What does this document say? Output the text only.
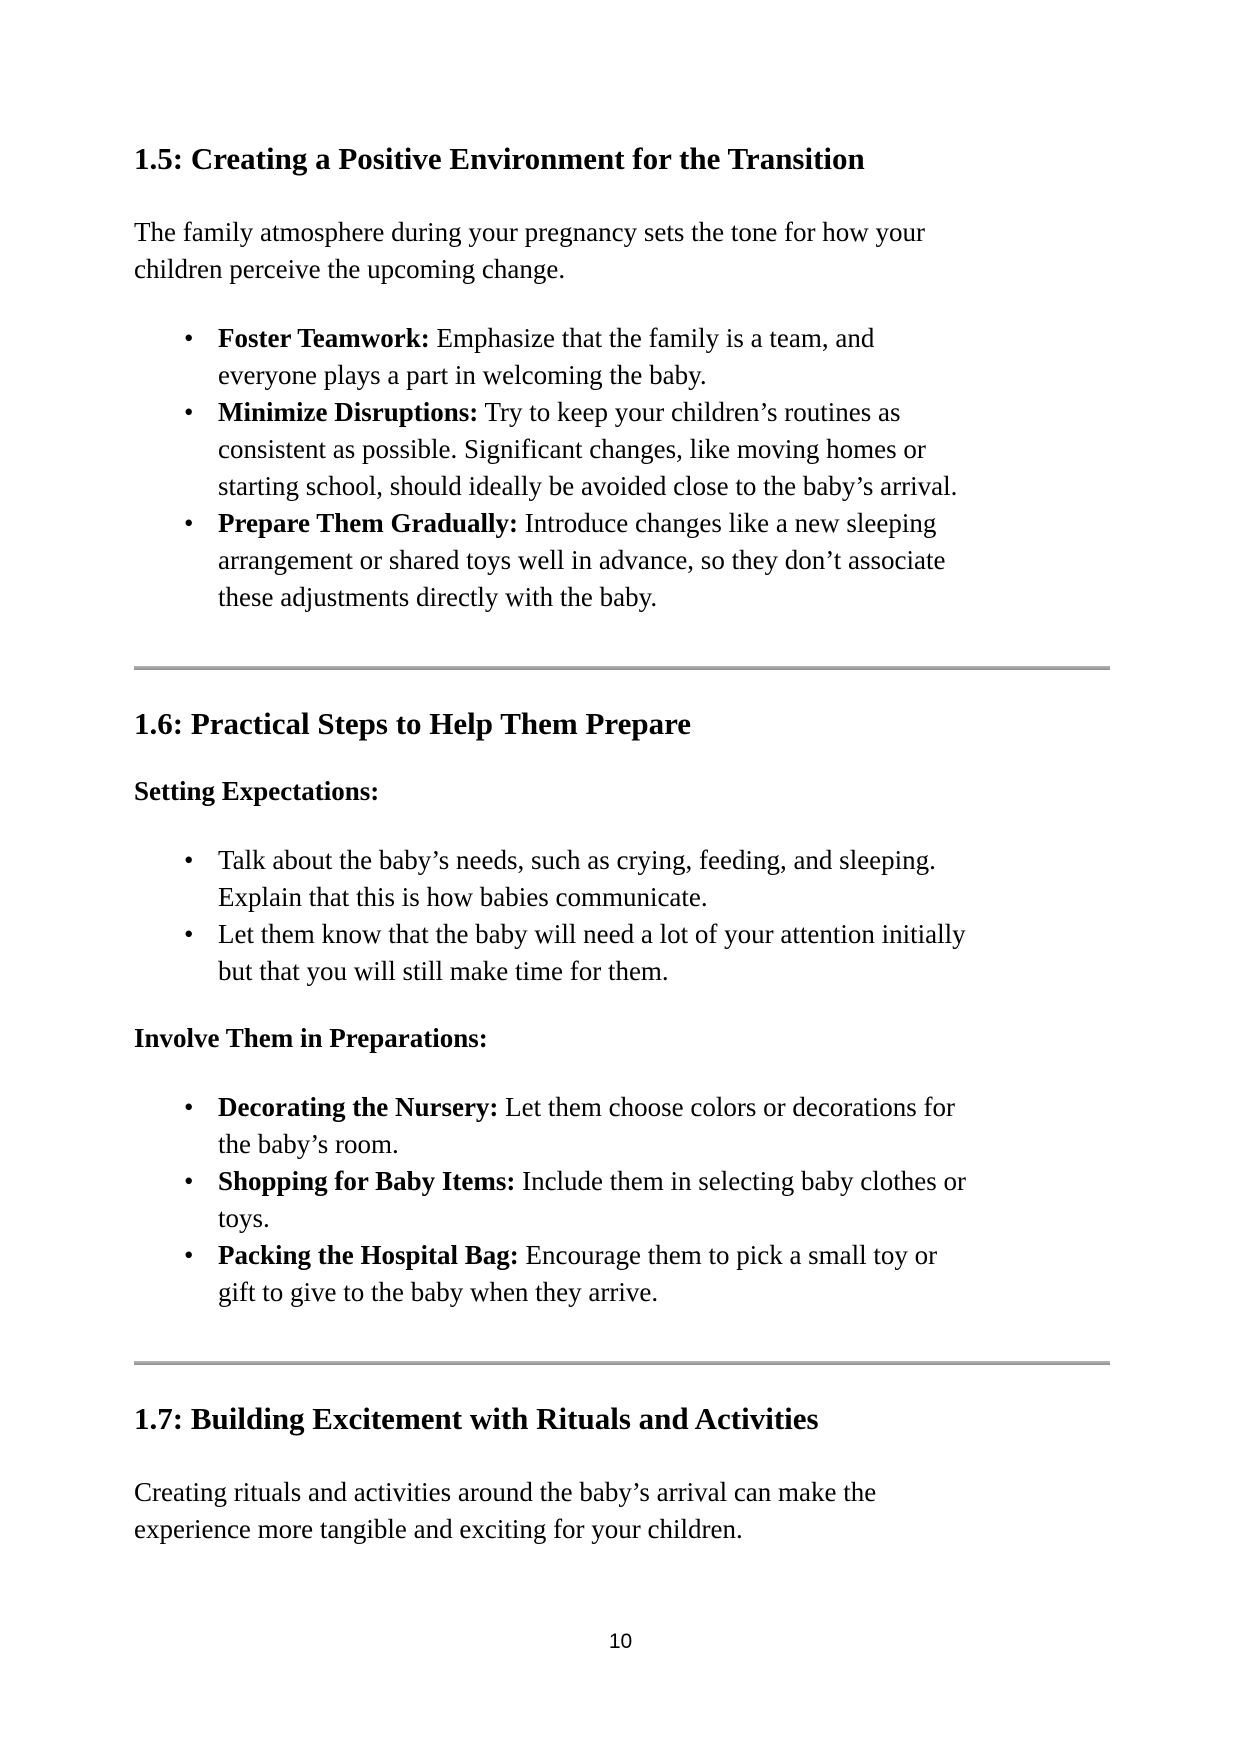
1.5: Creating a Positive Environment for the Transition
The family atmosphere during your pregnancy sets the tone for how your
children perceive the upcoming change.
• Foster Teamwork: Emphasize that the family is a team, and
everyone plays a part in welcoming the baby.
• Minimize Disruptions: Try to keep your children’s routines as
consistent as possible. Significant changes, like moving homes or
starting school, should ideally be avoided close to the baby’s arrival.
• Prepare Them Gradually: Introduce changes like a new sleeping
arrangement or shared toys well in advance, so they don’t associate
these adjustments directly with the baby.
1.6: Practical Steps to Help Them Prepare
Setting Expectations:
• Talk about the baby’s needs, such as crying, feeding, and sleeping.
Explain that this is how babies communicate.
• Let them know that the baby will need a lot of your attention initially
but that you will still make time for them.
Involve Them in Preparations:
• Decorating the Nursery: Let them choose colors or decorations for
the baby’s room.
• Shopping for Baby Items: Include them in selecting baby clothes or
toys.
• Packing the Hospital Bag: Encourage them to pick a small toy or
gift to give to the baby when they arrive.
1.7: Building Excitement with Rituals and Activities
Creating rituals and activities around the baby’s arrival can make the
experience more tangible and exciting for your children.
10
